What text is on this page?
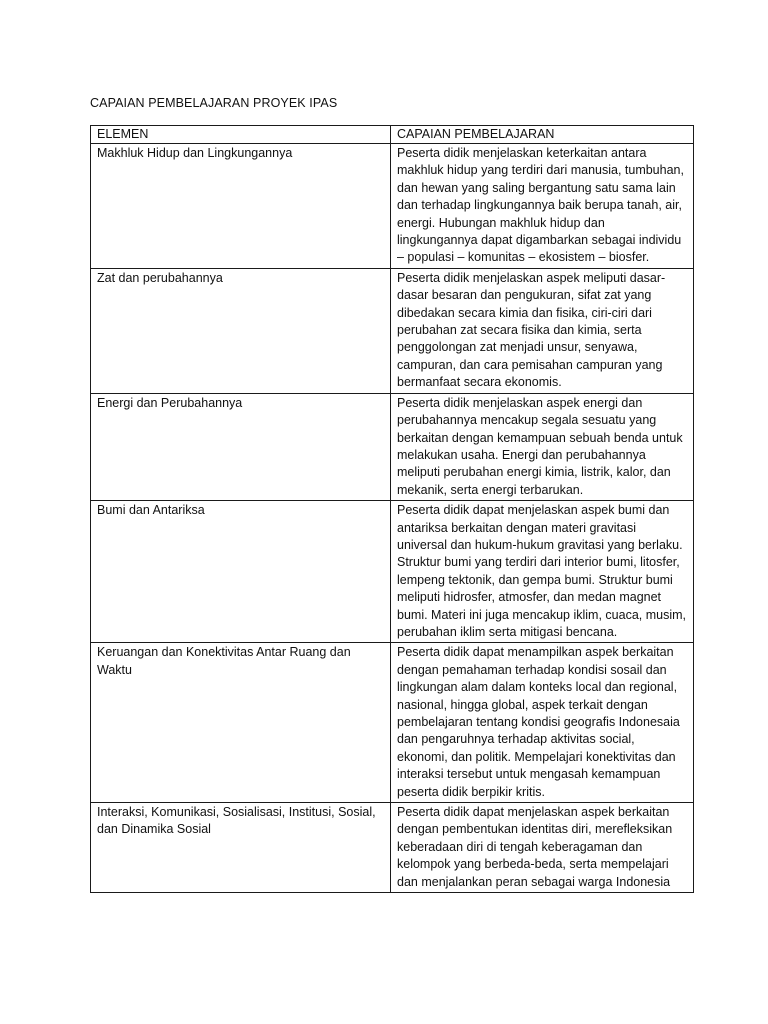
CAPAIAN PEMBELAJARAN PROYEK IPAS
ELEMEN	CAPAIAN PEMBELAJARAN
Makhluk Hidup dan Lingkungannya	Peserta didik menjelaskan keterkaitan antara makhluk hidup yang terdiri dari manusia, tumbuhan, dan hewan yang saling bergantung satu sama lain dan terhadap lingkungannya baik berupa tanah, air, energi. Hubungan makhluk hidup dan lingkungannya dapat digambarkan sebagai individu – populasi – komunitas – ekosistem – biosfer.
Zat dan perubahannya	Peserta didik menjelaskan aspek meliputi dasar-dasar besaran dan pengukuran, sifat zat yang dibedakan secara kimia dan fisika, ciri-ciri dari perubahan zat secara fisika dan kimia, serta penggolongan zat menjadi unsur, senyawa, campuran, dan cara pemisahan campuran yang bermanfaat secara ekonomis.
Energi dan Perubahannya	Peserta didik menjelaskan aspek energi dan perubahannya mencakup segala sesuatu yang berkaitan dengan kemampuan sebuah benda untuk melakukan usaha. Energi dan perubahannya meliputi perubahan energi kimia, listrik, kalor, dan mekanik, serta energi terbarukan.
Bumi dan Antariksa	Peserta didik dapat menjelaskan aspek bumi dan antariksa berkaitan dengan materi gravitasi universal dan hukum-hukum gravitasi yang berlaku. Struktur bumi yang terdiri dari interior bumi, litosfer, lempeng tektonik, dan gempa bumi. Struktur bumi meliputi hidrosfer, atmosfer, dan medan magnet bumi. Materi ini juga mencakup iklim, cuaca, musim, perubahan iklim serta mitigasi bencana.
Keruangan dan Konektivitas Antar Ruang dan Waktu	Peserta didik dapat menampilkan aspek berkaitan dengan pemahaman terhadap kondisi sosail dan lingkungan alam dalam konteks local dan regional, nasional, hingga global, aspek terkait dengan pembelajaran tentang kondisi geografis Indonesaia dan pengaruhnya terhadap aktivitas social, ekonomi, dan politik. Mempelajari konektivitas dan interaksi tersebut untuk mengasah kemampuan peserta didik berpikir kritis.
Interaksi, Komunikasi, Sosialisasi, Institusi, Sosial, dan Dinamika Sosial	Peserta didik dapat menjelaskan aspek berkaitan dengan pembentukan identitas diri, merefleksikan keberadaan diri di tengah keberagaman dan kelompok yang berbeda-beda, serta mempelajari dan menjalankan peran sebagai warga Indonesia
